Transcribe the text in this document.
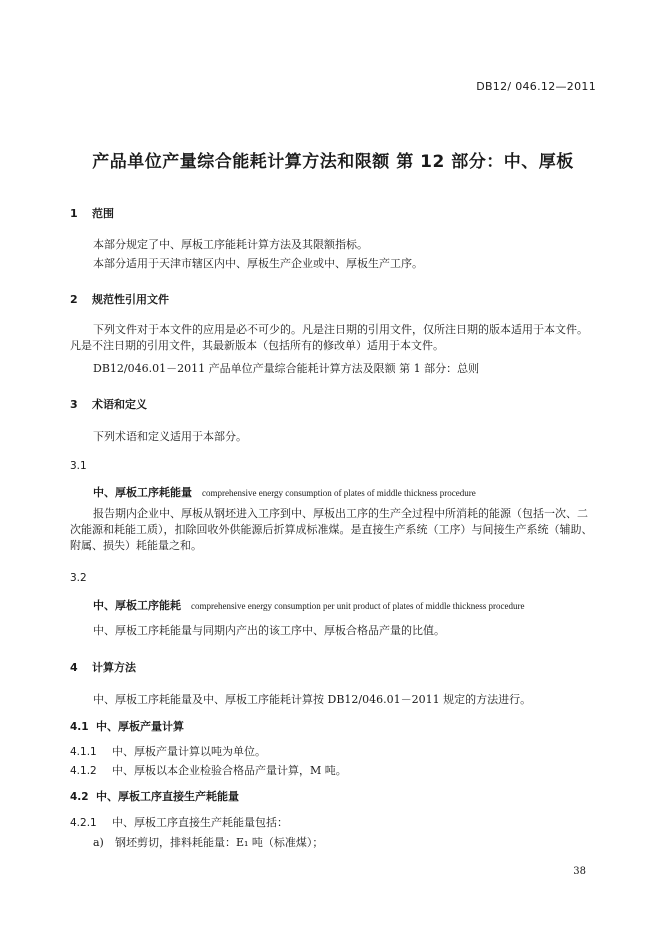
DB12/ 046.12—2011
产品单位产量综合能耗计算方法和限额 第 12 部分：中、厚板
1 范围
本部分规定了中、厚板工序能耗计算方法及其限额指标。
本部分适用于天津市辖区内中、厚板生产企业或中、厚板生产工序。
2 规范性引用文件
下列文件对于本文件的应用是必不可少的。凡是注日期的引用文件，仅所注日期的版本适用于本文件。凡是不注日期的引用文件，其最新版本（包括所有的修改单）适用于本文件。
DB12/046.01－2011 产品单位产量综合能耗计算方法及限额 第 1 部分：总则
3 术语和定义
下列术语和定义适用于本部分。
3.1
中、厚板工序耗能量 comprehensive energy consumption of plates of middle thickness procedure
报告期内企业中、厚板从钢坯进入工序到中、厚板出工序的生产全过程中所消耗的能源（包括一次、二次能源和耗能工质），扣除回收外供能源后折算成标准煤。是直接生产系统（工序）与间接生产系统（辅助、附属、损失）耗能量之和。
3.2
中、厚板工序能耗 comprehensive energy consumption per unit product of plates of middle thickness procedure
中、厚板工序耗能量与同期内产出的该工序中、厚板合格品产量的比值。
4 计算方法
中、厚板工序耗能量及中、厚板工序能耗计算按 DB12/046.01－2011 规定的方法进行。
4.1 中、厚板产量计算
4.1.1 中、厚板产量计算以吨为单位。
4.1.2 中、厚板以本企业检验合格品产量计算，M 吨。
4.2 中、厚板工序直接生产耗能量
4.2.1 中、厚板工序直接生产耗能量包括：
a) 钢坯剪切，排料耗能量：E₁ 吨（标准煤）；
38
